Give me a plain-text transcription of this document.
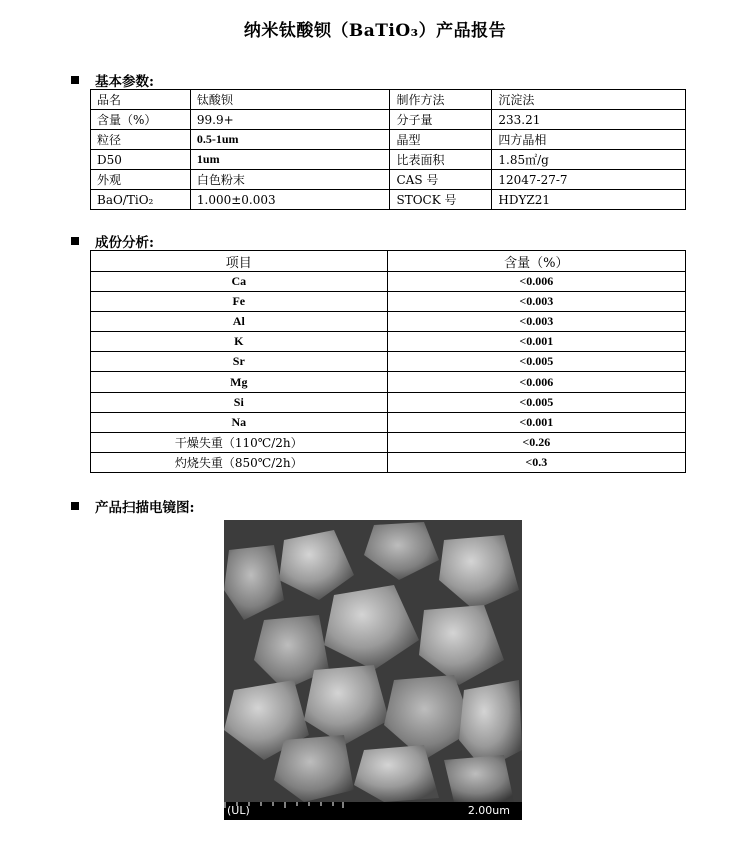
纳米钛酸钡（BaTiO₃）产品报告
基本参数:
品名	钛酸钡	制作方法	沉淀法
含量（%）	99.9+	分子量	233.21
粒径	0.5-1um	晶型	四方晶相
D50	1um	比表面积	1.85㎡/g
外观	白色粉末	CAS 号	12047-27-7
BaO/TiO₂	1.000±0.003	STOCK 号	HDYZ21
成份分析:
项目	含量（%）
Ca	<0.006
Fe	<0.003
Al	<0.003
K	<0.001
Sr	<0.005
Mg	<0.006
Si	<0.005
Na	<0.001
干燥失重（110℃/2h）	<0.26
灼烧失重（850℃/2h）	<0.3
产品扫描电镜图:
(UL)	2.00um
